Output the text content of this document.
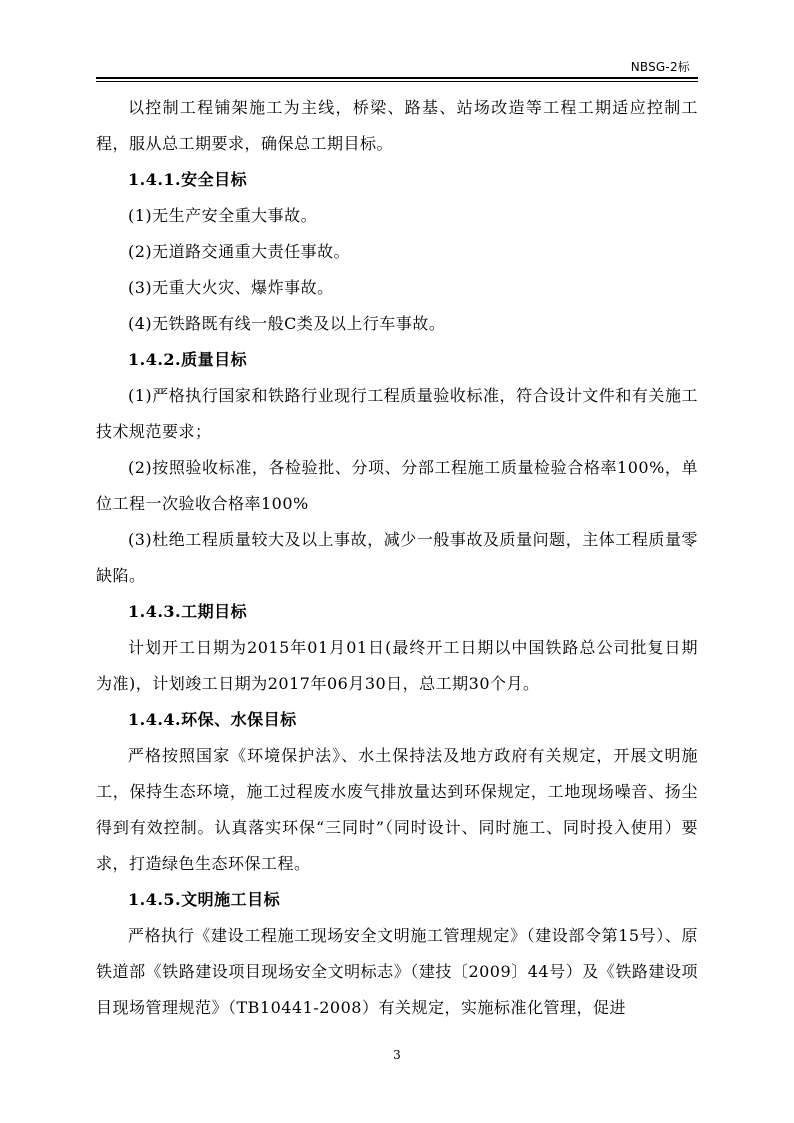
NBSG-2标

以控制工程铺架施工为主线，桥梁、路基、站场改造等工程工期适应控制工程，服从总工期要求，确保总工期目标。

1.4.1.安全目标

(1)无生产安全重大事故。

(2)无道路交通重大责任事故。

(3)无重大火灾、爆炸事故。

(4)无铁路既有线一般C类及以上行车事故。

1.4.2.质量目标

(1)严格执行国家和铁路行业现行工程质量验收标准，符合设计文件和有关施工技术规范要求；

(2)按照验收标准，各检验批、分项、分部工程施工质量检验合格率100%，单位工程一次验收合格率100%

(3)杜绝工程质量较大及以上事故，减少一般事故及质量问题，主体工程质量零缺陷。

1.4.3.工期目标

计划开工日期为2015年01月01日(最终开工日期以中国铁路总公司批复日期为准)，计划竣工日期为2017年06月30日，总工期30个月。

1.4.4.环保、水保目标

严格按照国家《环境保护法》、水土保持法及地方政府有关规定，开展文明施工，保持生态环境，施工过程废水废气排放量达到环保规定，工地现场噪音、扬尘得到有效控制。认真落实环保“三同时”（同时设计、同时施工、同时投入使用）要求，打造绿色生态环保工程。

1.4.5.文明施工目标

严格执行《建设工程施工现场安全文明施工管理规定》（建设部令第15号）、原铁道部《铁路建设项目现场安全文明标志》（建技〔2009〕44号）及《铁路建设项目现场管理规范》（TB10441-2008）有关规定，实施标准化管理，促进

3
